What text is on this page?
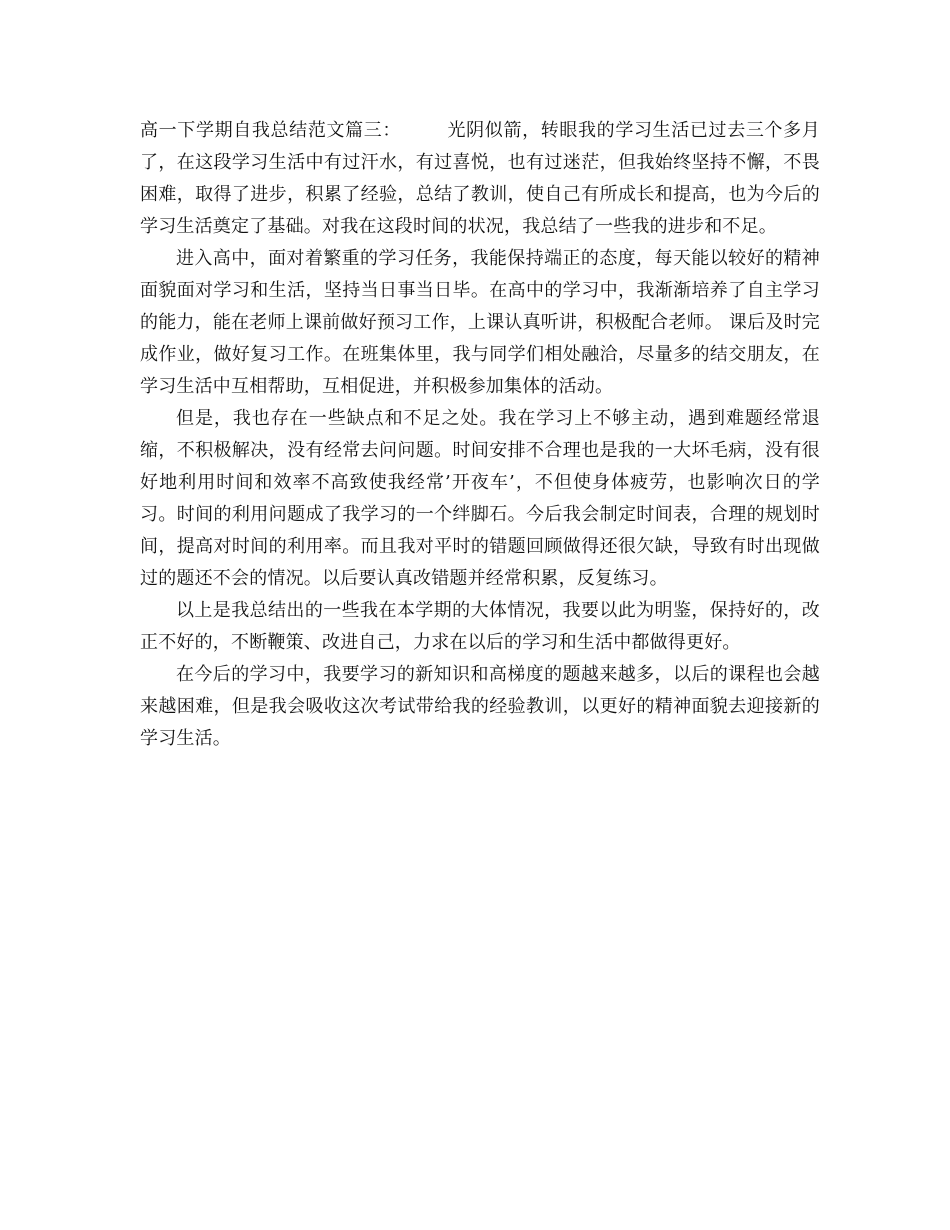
高一下学期自我总结范文篇三：	光阴似箭，转眼我的学习生活已过去三个多月了，在这段学习生活中有过汗水，有过喜悦，也有过迷茫，但我始终坚持不懈，不畏困难，取得了进步，积累了经验，总结了教训，使自己有所成长和提高，也为今后的学习生活奠定了基础。对我在这段时间的状况，我总结了一些我的进步和不足。

进入高中，面对着繁重的学习任务，我能保持端正的态度，每天能以较好的精神面貌面对学习和生活，坚持当日事当日毕。在高中的学习中，我渐渐培养了自主学习的能力，能在老师上课前做好预习工作，上课认真听讲，积极配合老师。 课后及时完成作业，做好复习工作。在班集体里，我与同学们相处融洽，尽量多的结交朋友，在学习生活中互相帮助，互相促进，并积极参加集体的活动。

但是，我也存在一些缺点和不足之处。我在学习上不够主动，遇到难题经常退缩，不积极解决，没有经常去问问题。时间安排不合理也是我的一大坏毛病，没有很好地利用时间和效率不高致使我经常’开夜车’，不但使身体疲劳，也影响次日的学习。时间的利用问题成了我学习的一个绊脚石。今后我会制定时间表，合理的规划时间，提高对时间的利用率。而且我对平时的错题回顾做得还很欠缺，导致有时出现做过的题还不会的情况。以后要认真改错题并经常积累，反复练习。

以上是我总结出的一些我在本学期的大体情况，我要以此为明鉴，保持好的，改正不好的，不断鞭策、改进自己，力求在以后的学习和生活中都做得更好。

在今后的学习中，我要学习的新知识和高梯度的题越来越多，以后的课程也会越来越困难，但是我会吸收这次考试带给我的经验教训，以更好的精神面貌去迎接新的学习生活。
